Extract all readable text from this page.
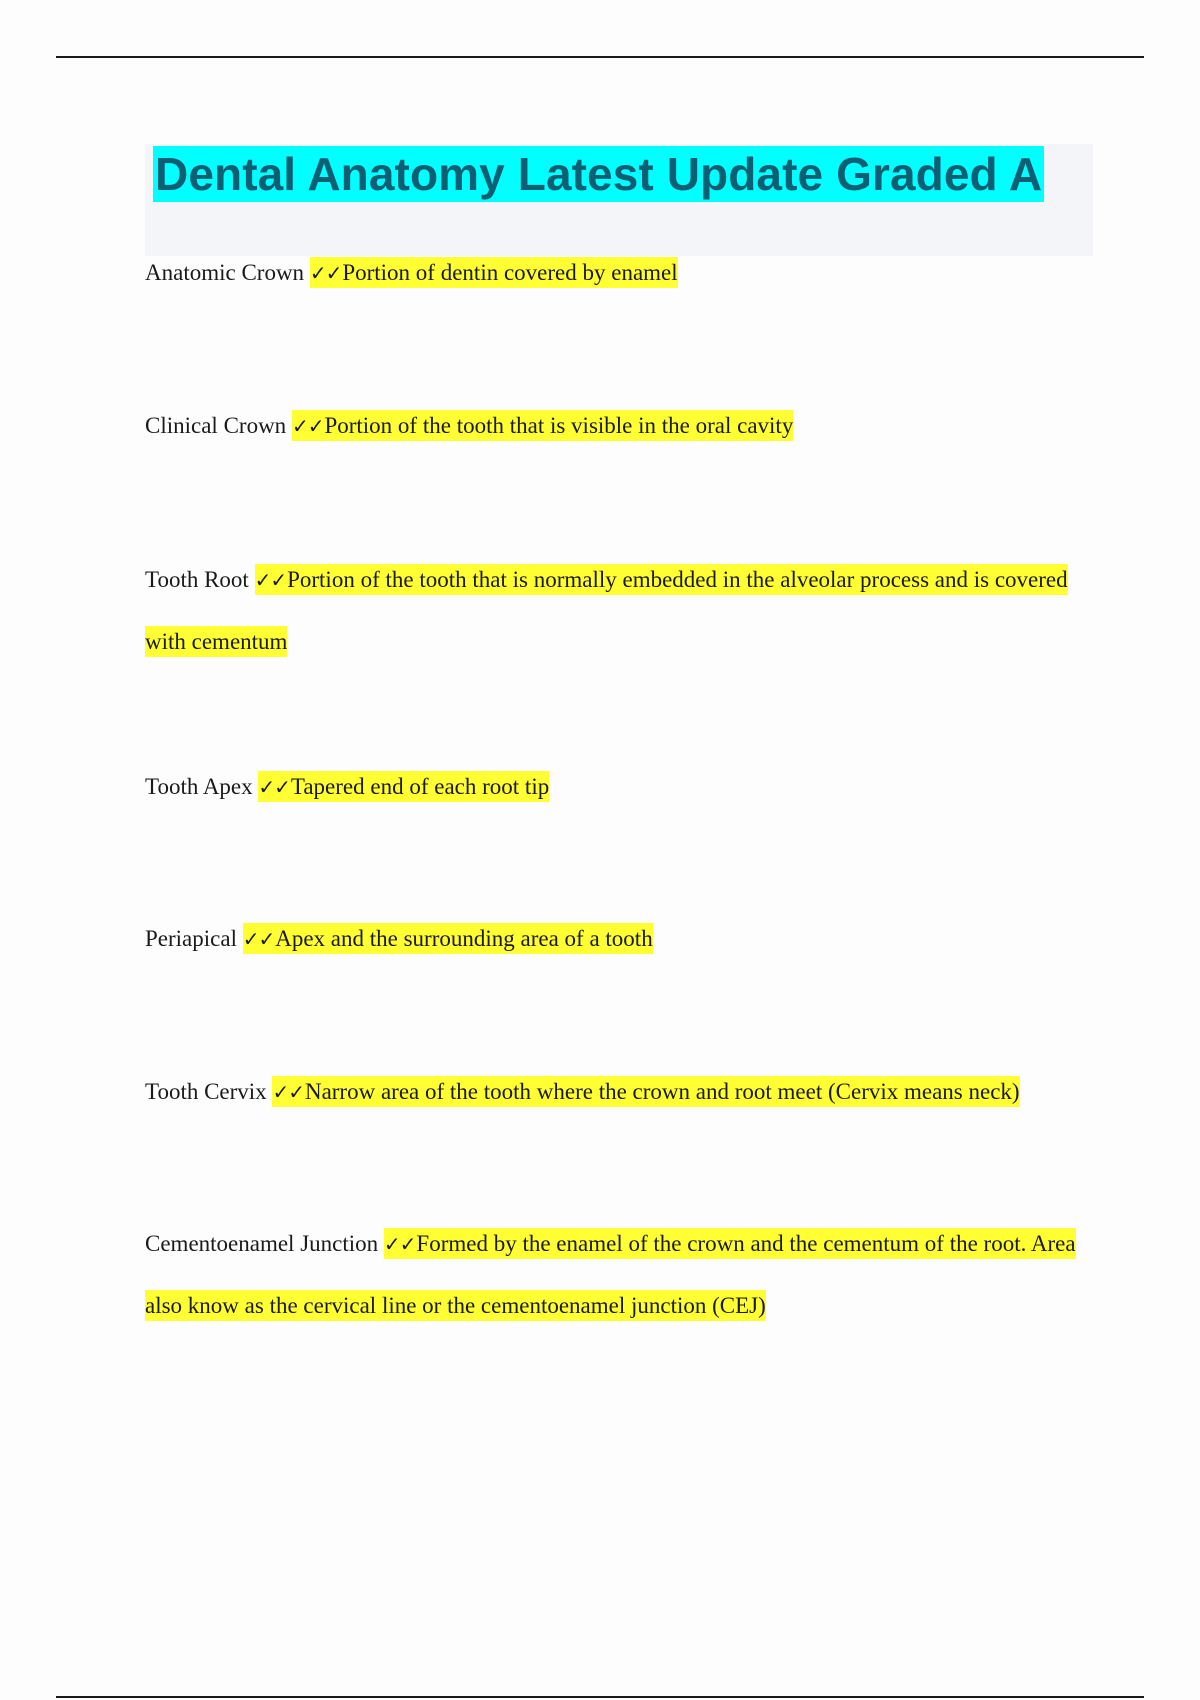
Dental Anatomy Latest Update Graded A
Anatomic Crown ✓✓Portion of dentin covered by enamel
Clinical Crown ✓✓Portion of the tooth that is visible in the oral cavity
Tooth Root ✓✓Portion of the tooth that is normally embedded in the alveolar process and is covered with cementum
Tooth Apex ✓✓Tapered end of each root tip
Periapical ✓✓Apex and the surrounding area of a tooth
Tooth Cervix ✓✓Narrow area of the tooth where the crown and root meet (Cervix means neck)
Cementoenamel Junction ✓✓Formed by the enamel of the crown and the cementum of the root. Area also know as the cervical line or the cementoenamel junction (CEJ)
